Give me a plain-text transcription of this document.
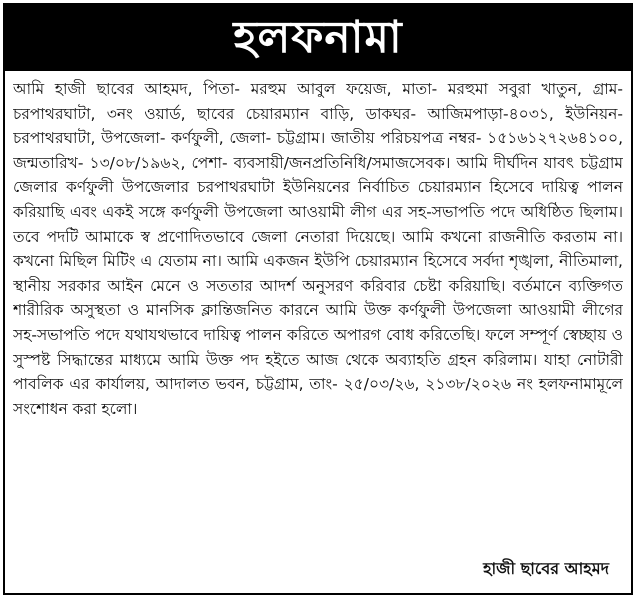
হলফনামা

আমি হাজী ছাবের আহমদ, পিতা- মরহুম আবুল ফয়েজ, মাতা- মরহুমা সবুরা খাতুন, গ্রাম- চরপাথরঘাটা, ৩নং ওয়ার্ড, ছাবের চেয়ারম্যান বাড়ি, ডাকঘর- আজিমপাড়া-৪০৩১, ইউনিয়ন- চরপাথরঘাটা, উপজেলা- কর্ণফুলী, জেলা- চট্টগ্রাম। জাতীয় পরিচয়পত্র নম্বর- ১৫১৬১২৭২৬৪১০০, জন্মতারিখ- ১৩/০৮/১৯৬২, পেশা- ব্যবসায়ী/জনপ্রতিনিধি/সমাজসেবক। আমি দীর্ঘদিন যাবৎ চট্টগ্রাম জেলার কর্ণফুলী উপজেলার চরপাথরঘাটা ইউনিয়নের নির্বাচিত চেয়ারম্যান হিসেবে দায়িত্ব পালন করিয়াছি এবং একই সঙ্গে কর্ণফুলী উপজেলা আওয়ামী লীগ এর সহ-সভাপতি পদে অধিষ্ঠিত ছিলাম। তবে পদটি আমাকে স্ব প্রণোদিতভাবে জেলা নেতারা দিয়েছে। আমি কখনো রাজনীতি করতাম না। কখনো মিছিল মিটিং এ যেতাম না। আমি একজন ইউপি চেয়ারম্যান হিসেবে সর্বদা শৃঙ্খলা, নীতিমালা, স্থানীয় সরকার আইন মেনে ও সততার আদর্শ অনুসরণ করিবার চেষ্টা করিয়াছি। বর্তমানে ব্যক্তিগত শারীরিক অসুস্থতা ও মানসিক ক্লান্তিজনিত কারনে আমি উক্ত কর্ণফুলী উপজেলা আওয়ামী লীগের সহ-সভাপতি পদে যথাযথভাবে দায়িত্ব পালন করিতে অপারগ বোধ করিতেছি। ফলে সম্পূর্ণ স্বেচ্ছায় ও সুস্পষ্ট সিদ্ধান্তের মাধ্যমে আমি উক্ত পদ হইতে আজ থেকে অব্যাহতি গ্রহন করিলাম। যাহা নোটারী পাবলিক এর কার্যালয়, আদালত ভবন, চট্টগ্রাম, তাং- ২৫/০৩/২৬, ২১৩৮/২০২৬ নং হলফনামামূলে সংশোধন করা হলো।

হাজী ছাবের আহমদ
